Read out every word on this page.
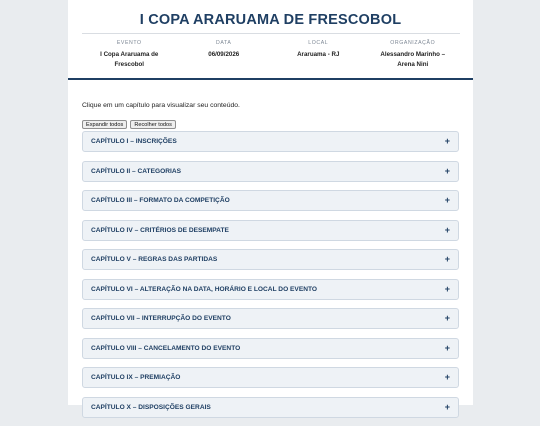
I COPA ARARUAMA DE FRESCOBOL
EVENTO
I Copa Araruama de Frescobol
DATA
06/09/2026
LOCAL
Araruama - RJ
ORGANIZAÇÃO
Alessandro Marinho – Arena Nini
Clique em um capítulo para visualizar seu conteúdo.
Expandir todos	Recolher todos
CAPÍTULO I – INSCRIÇÕES	+
CAPÍTULO II – CATEGORIAS	+
CAPÍTULO III – FORMATO DA COMPETIÇÃO	+
CAPÍTULO IV – CRITÉRIOS DE DESEMPATE	+
CAPÍTULO V – REGRAS DAS PARTIDAS	+
CAPÍTULO VI – ALTERAÇÃO NA DATA, HORÁRIO E LOCAL DO EVENTO	+
CAPÍTULO VII – INTERRUPÇÃO DO EVENTO	+
CAPÍTULO VIII – CANCELAMENTO DO EVENTO	+
CAPÍTULO IX – PREMIAÇÃO	+
CAPÍTULO X – DISPOSIÇÕES GERAIS	+
